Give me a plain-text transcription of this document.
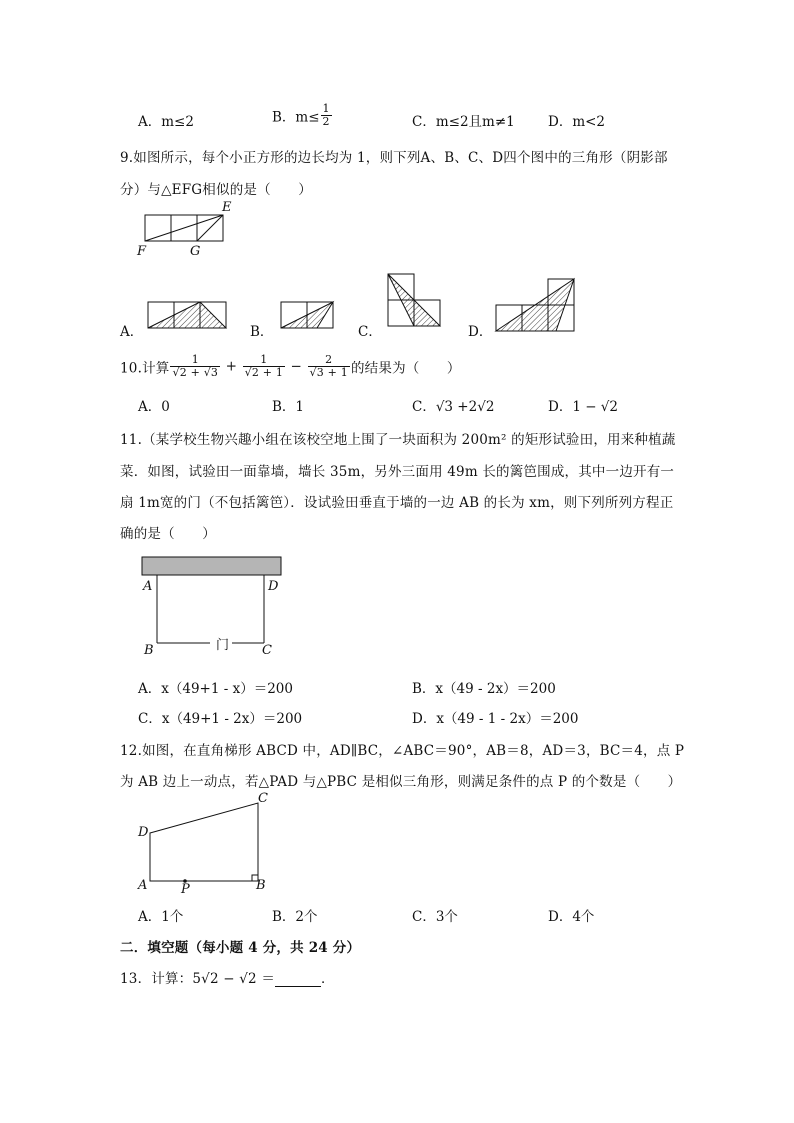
A．m≤2	B．$m\le \frac{1}{2}$	C．m≤2且m≠1 D．m<2
9.如图所示，每个小正方形的边长均为 1，则下列A、B、C、D四个图中的三角形（阴影部
分）与△EFG相似的是（　　）
E
F	G
A．	B．	C．	D．
10.计算 $\frac{1}{√2 + √3} + \frac{1}{√2 + 1} - \frac{2}{√3 + 1}$ 的结果为（　　）
A．0	B．1	C．√3 +2√2	D．1 − √2
11.（某学校生物兴趣小组在该校空地上围了一块面积为 200m² 的矩形试验田，用来种植蔬
菜．如图，试验田一面靠墙，墙长 35m，另外三面用 49m 长的篱笆围成，其中一边开有一
扇 1m宽的门（不包括篱笆）．设试验田垂直于墙的一边 AB 的长为 xm，则下列所列方程正
确的是（　　）
A	D
B	C
门
A．x（49+1 - x）＝200	B．x（49 - 2x）＝200
C．x（49+1 - 2x）＝200	D．x（49 - 1 - 2x）＝200
12.如图，在直角梯形 ABCD 中，AD∥BC，∠ABC＝90°，AB＝8，AD＝3，BC＝4，点 P
为 AB 边上一动点，若△PAD 与△PBC 是相似三角形，则满足条件的点 P 的个数是（　　）
D
C
A	P	B
A．1个	B．2个	C．3个	D．4个
二．填空题（每小题 4 分，共 24 分）
13．计算：5√2 − √2 ＝	．
